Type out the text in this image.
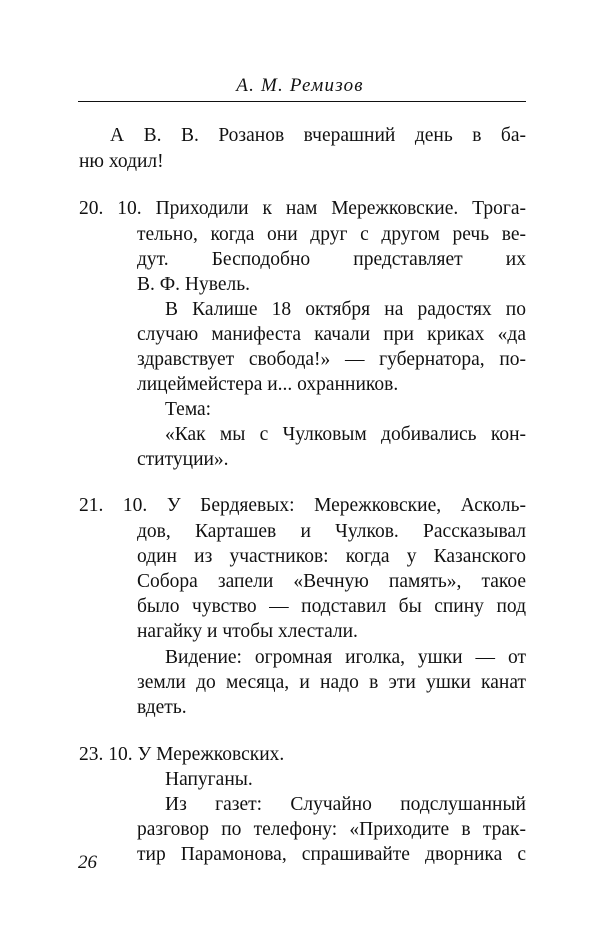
А. М. Ремизов
А В. В. Розанов вчерашний день в ба-
ню ходил!
20. 10. Приходили к нам Мережковские. Трога-
тельно, когда они друг с другом речь ве-
дут. Бесподобно представляет их
В. Ф. Нувель.
В Калише 18 октября на радостях по
случаю манифеста качали при криках «да
здравствует свобода!» — губернатора, по-
лицеймейстера и... охранников.
Тема:
«Как мы с Чулковым добивались кон-
ституции».
21. 10. У Бердяевых: Мережковские, Асколь-
дов, Карташев и Чулков. Рассказывал
один из участников: когда у Казанского
Собора запели «Вечную память», такое
было чувство — подставил бы спину под
нагайку и чтобы хлестали.
Видение: огромная иголка, ушки — от
земли до месяца, и надо в эти ушки канат
вдеть.
23. 10. У Мережковских.
Напуганы.
Из газет: Случайно подслушанный
разговор по телефону: «Приходите в трак-
тир Парамонова, спрашивайте дворника с
26
